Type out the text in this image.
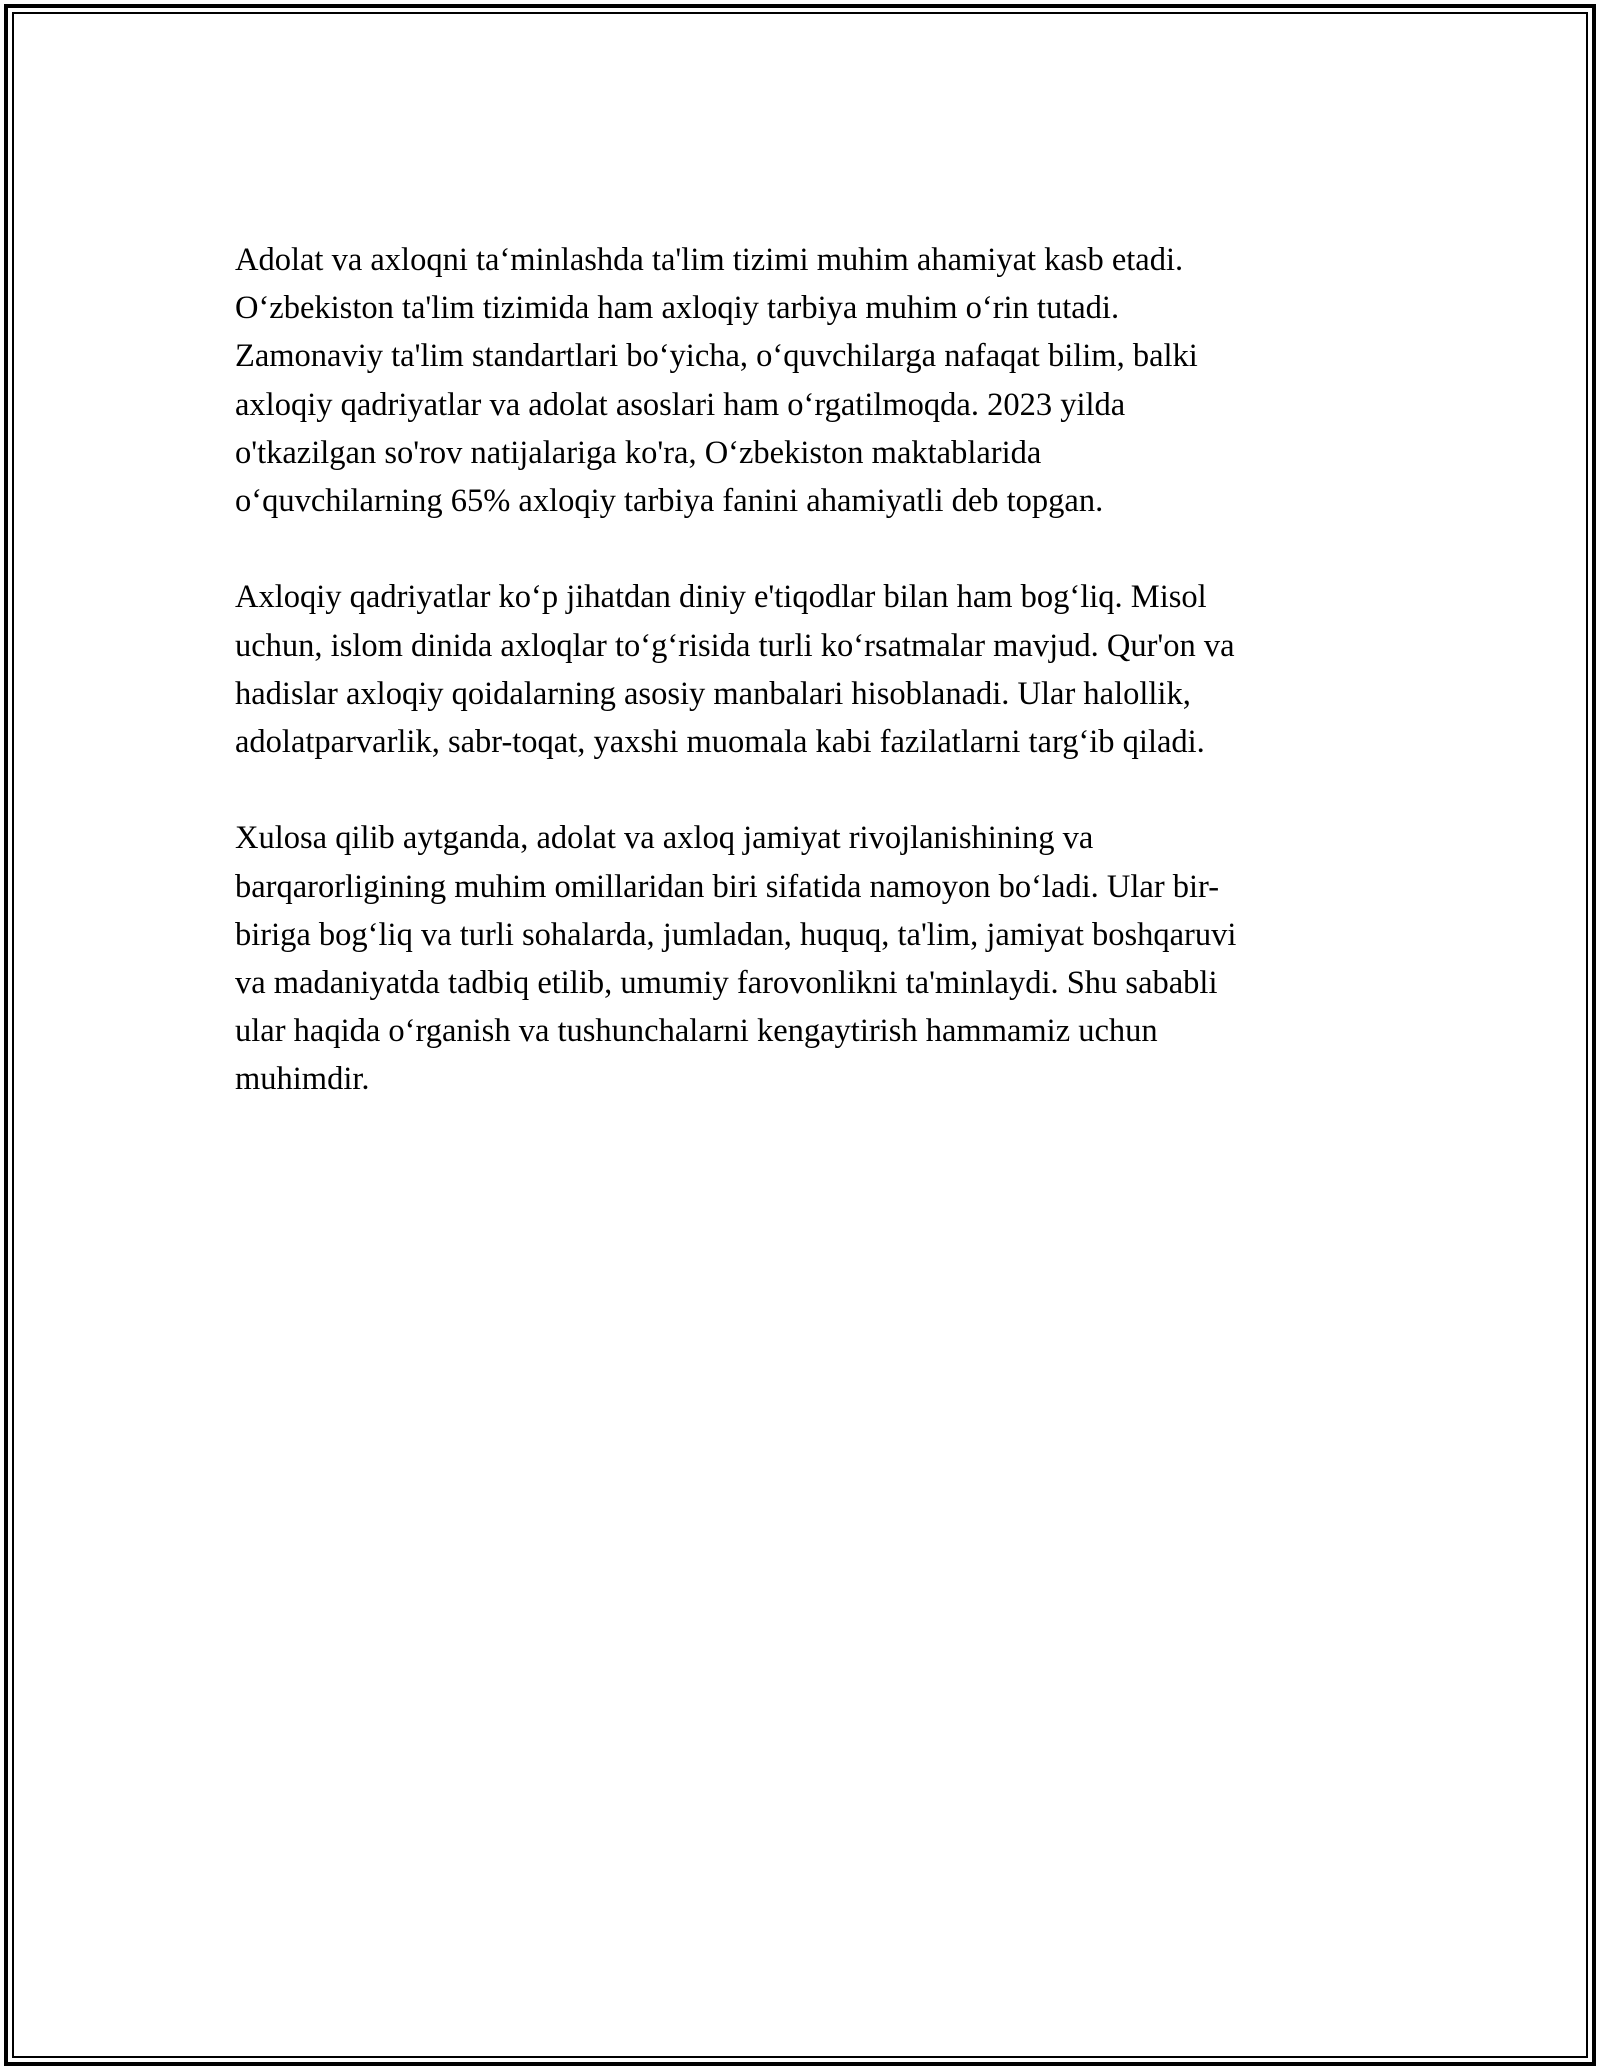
Adolat va axloqni ta‘minlashda ta'lim tizimi muhim ahamiyat kasb etadi.
O‘zbekiston ta'lim tizimida ham axloqiy tarbiya muhim o‘rin tutadi.
Zamonaviy ta'lim standartlari bo‘yicha, o‘quvchilarga nafaqat bilim, balki
axloqiy qadriyatlar va adolat asoslari ham o‘rgatilmoqda. 2023 yilda
o'tkazilgan so'rov natijalariga ko'ra, O‘zbekiston maktablarida
o‘quvchilarning 65% axloqiy tarbiya fanini ahamiyatli deb topgan.

Axloqiy qadriyatlar ko‘p jihatdan diniy e'tiqodlar bilan ham bog‘liq. Misol
uchun, islom dinida axloqlar to‘g‘risida turli ko‘rsatmalar mavjud. Qur'on va
hadislar axloqiy qoidalarning asosiy manbalari hisoblanadi. Ular halollik,
adolatparvarlik, sabr-toqat, yaxshi muomala kabi fazilatlarni targ‘ib qiladi.

Xulosa qilib aytganda, adolat va axloq jamiyat rivojlanishining va
barqarorligining muhim omillaridan biri sifatida namoyon bo‘ladi. Ular bir-
biriga bog‘liq va turli sohalarda, jumladan, huquq, ta'lim, jamiyat boshqaruvi
va madaniyatda tadbiq etilib, umumiy farovonlikni ta'minlaydi. Shu sababli
ular haqida o‘rganish va tushunchalarni kengaytirish hammamiz uchun
muhimdir.
